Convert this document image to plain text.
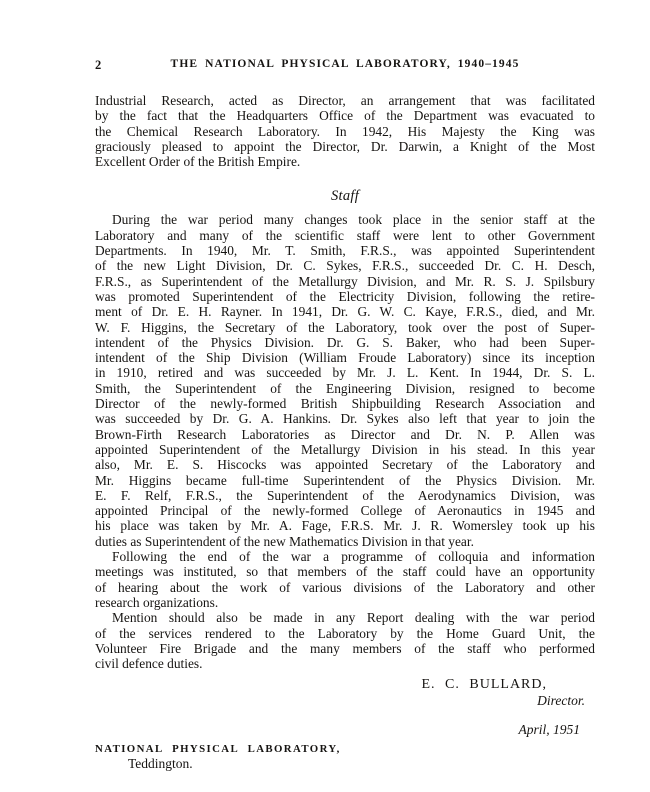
2	THE NATIONAL PHYSICAL LABORATORY, 1940–1945
Industrial Research, acted as Director, an arrangement that was facilitated
by the fact that the Headquarters Office of the Department was evacuated to
the Chemical Research Laboratory. In 1942, His Majesty the King was
graciously pleased to appoint the Director, Dr. Darwin, a Knight of the Most
Excellent Order of the British Empire.
Staff
During the war period many changes took place in the senior staff at the
Laboratory and many of the scientific staff were lent to other Government
Departments. In 1940, Mr. T. Smith, F.R.S., was appointed Superintendent
of the new Light Division, Dr. C. Sykes, F.R.S., succeeded Dr. C. H. Desch,
F.R.S., as Superintendent of the Metallurgy Division, and Mr. R. S. J. Spilsbury
was promoted Superintendent of the Electricity Division, following the retire-
ment of Dr. E. H. Rayner. In 1941, Dr. G. W. C. Kaye, F.R.S., died, and Mr.
W. F. Higgins, the Secretary of the Laboratory, took over the post of Super-
intendent of the Physics Division. Dr. G. S. Baker, who had been Super-
intendent of the Ship Division (William Froude Laboratory) since its inception
in 1910, retired and was succeeded by Mr. J. L. Kent. In 1944, Dr. S. L.
Smith, the Superintendent of the Engineering Division, resigned to become
Director of the newly-formed British Shipbuilding Research Association and
was succeeded by Dr. G. A. Hankins. Dr. Sykes also left that year to join the
Brown-Firth Research Laboratories as Director and Dr. N. P. Allen was
appointed Superintendent of the Metallurgy Division in his stead. In this year
also, Mr. E. S. Hiscocks was appointed Secretary of the Laboratory and
Mr. Higgins became full-time Superintendent of the Physics Division. Mr.
E. F. Relf, F.R.S., the Superintendent of the Aerodynamics Division, was
appointed Principal of the newly-formed College of Aeronautics in 1945 and
his place was taken by Mr. A. Fage, F.R.S. Mr. J. R. Womersley took up his
duties as Superintendent of the new Mathematics Division in that year.
Following the end of the war a programme of colloquia and information
meetings was instituted, so that members of the staff could have an opportunity
of hearing about the work of various divisions of the Laboratory and other
research organizations.
Mention should also be made in any Report dealing with the war period
of the services rendered to the Laboratory by the Home Guard Unit, the
Volunteer Fire Brigade and the many members of the staff who performed
civil defence duties.
E. C. BULLARD,
Director.
April, 1951
NATIONAL PHYSICAL LABORATORY,
Teddington.
